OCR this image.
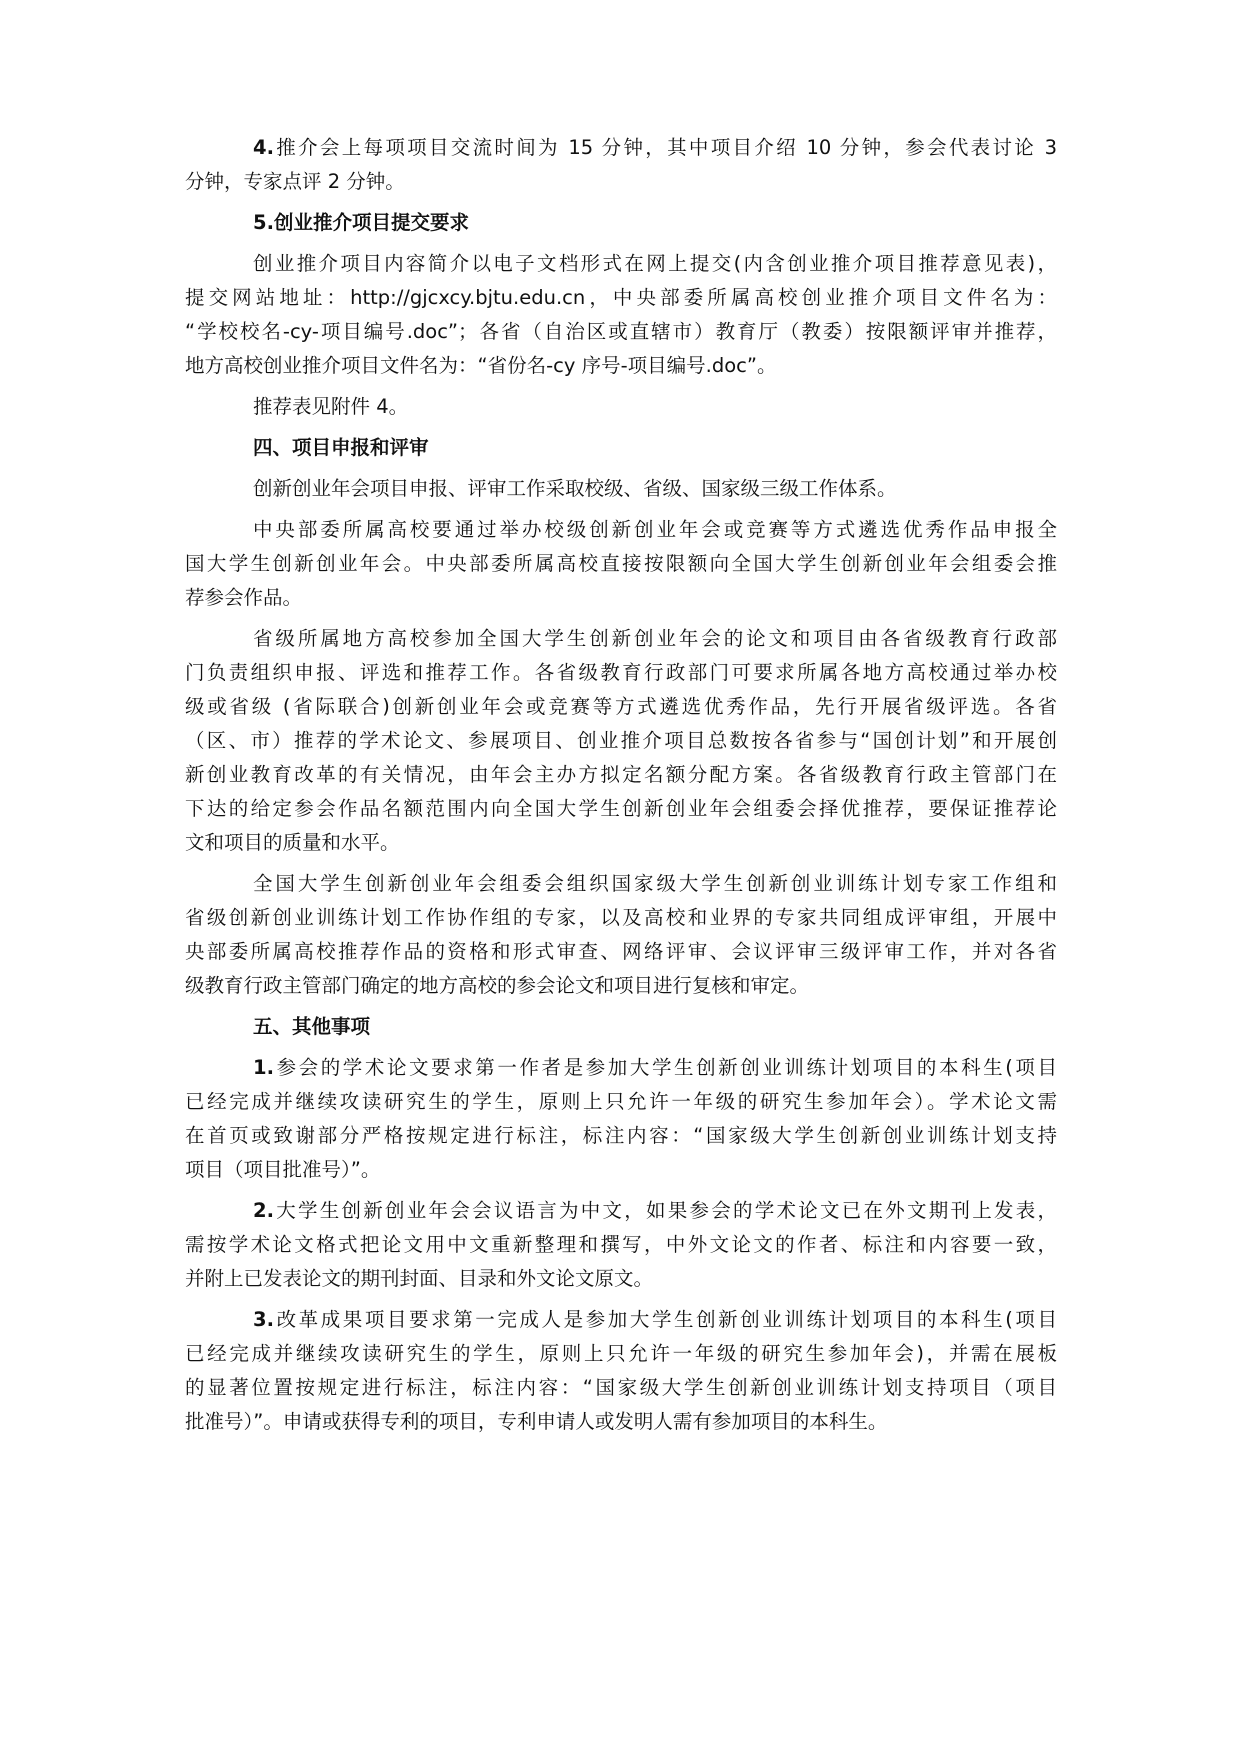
4.推介会上每项项目交流时间为 15 分钟，其中项目介绍 10 分钟，参会代表讨论 3
分钟，专家点评 2 分钟。
5.创业推介项目提交要求
创业推介项目内容简介以电子文档形式在网上提交(内含创业推介项目推荐意见表)，
提交网站地址：http://gjcxcy.bjtu.edu.cn，中央部委所属高校创业推介项目文件名为：
“学校校名-cy-项目编号.doc”；各省（自治区或直辖市）教育厅（教委）按限额评审并推荐，
地方高校创业推介项目文件名为：“省份名-cy 序号-项目编号.doc”。
推荐表见附件 4。
四、项目申报和评审
创新创业年会项目申报、评审工作采取校级、省级、国家级三级工作体系。
中央部委所属高校要通过举办校级创新创业年会或竞赛等方式遴选优秀作品申报全
国大学生创新创业年会。中央部委所属高校直接按限额向全国大学生创新创业年会组委会推
荐参会作品。
省级所属地方高校参加全国大学生创新创业年会的论文和项目由各省级教育行政部
门负责组织申报、评选和推荐工作。各省级教育行政部门可要求所属各地方高校通过举办校
级或省级 (省际联合)创新创业年会或竞赛等方式遴选优秀作品，先行开展省级评选。各省
（区、市）推荐的学术论文、参展项目、创业推介项目总数按各省参与“国创计划”和开展创
新创业教育改革的有关情况，由年会主办方拟定名额分配方案。各省级教育行政主管部门在
下达的给定参会作品名额范围内向全国大学生创新创业年会组委会择优推荐，要保证推荐论
文和项目的质量和水平。
全国大学生创新创业年会组委会组织国家级大学生创新创业训练计划专家工作组和
省级创新创业训练计划工作协作组的专家，以及高校和业界的专家共同组成评审组，开展中
央部委所属高校推荐作品的资格和形式审查、网络评审、会议评审三级评审工作，并对各省
级教育行政主管部门确定的地方高校的参会论文和项目进行复核和审定。
五、其他事项
1.参会的学术论文要求第一作者是参加大学生创新创业训练计划项目的本科生(项目
已经完成并继续攻读研究生的学生，原则上只允许一年级的研究生参加年会）。学术论文需
在首页或致谢部分严格按规定进行标注，标注内容：“国家级大学生创新创业训练计划支持
项目（项目批准号）”。
2.大学生创新创业年会会议语言为中文，如果参会的学术论文已在外文期刊上发表，
需按学术论文格式把论文用中文重新整理和撰写，中外文论文的作者、标注和内容要一致，
并附上已发表论文的期刊封面、目录和外文论文原文。
3.改革成果项目要求第一完成人是参加大学生创新创业训练计划项目的本科生(项目
已经完成并继续攻读研究生的学生，原则上只允许一年级的研究生参加年会)，并需在展板
的显著位置按规定进行标注，标注内容：“国家级大学生创新创业训练计划支持项目（项目
批准号）”。申请或获得专利的项目，专利申请人或发明人需有参加项目的本科生。
